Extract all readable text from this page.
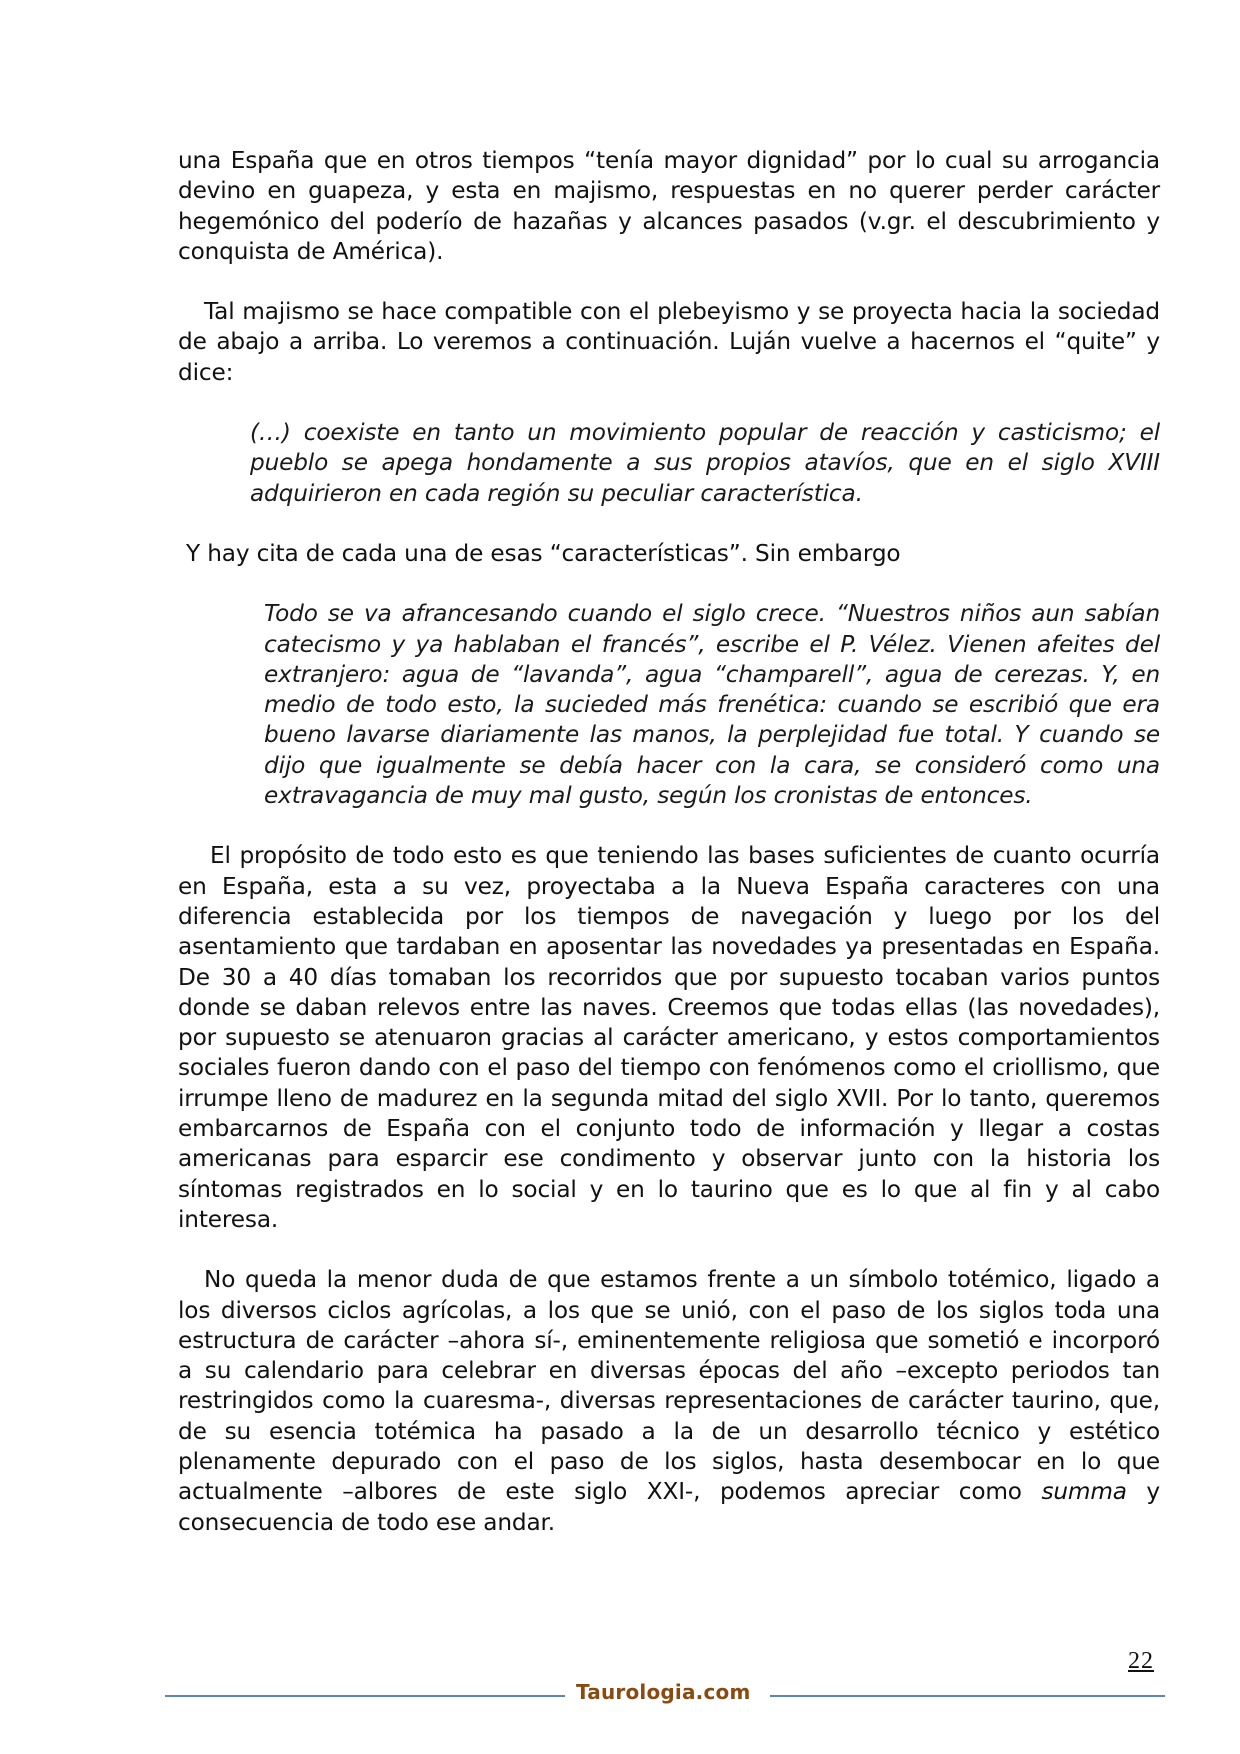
una España que en otros tiempos “tenía mayor dignidad” por lo cual su arrogancia devino en guapeza, y esta en majismo, respuestas en no querer perder carácter hegemónico del poderío de hazañas y alcances pasados (v.gr. el descubrimiento y conquista de América).

Tal majismo se hace compatible con el plebeyismo y se proyecta hacia la sociedad de abajo a arriba. Lo veremos a continuación. Luján vuelve a hacernos el “quite” y dice:

(…) coexiste en tanto un movimiento popular de reacción y casticismo; el pueblo se apega hondamente a sus propios atavíos, que en el siglo XVIII adquirieron en cada región su peculiar característica.

Y hay cita de cada una de esas “características”. Sin embargo

Todo se va afrancesando cuando el siglo crece. “Nuestros niños aun sabían catecismo y ya hablaban el francés”, escribe el P. Vélez. Vienen afeites del extranjero: agua de “lavanda”, agua “champarell”, agua de cerezas. Y, en medio de todo esto, la sucieded más frenética: cuando se escribió que era bueno lavarse diariamente las manos, la perplejidad fue total. Y cuando se dijo que igualmente se debía hacer con la cara, se consideró como una extravagancia de muy mal gusto, según los cronistas de entonces.

El propósito de todo esto es que teniendo las bases suficientes de cuanto ocurría en España, esta a su vez, proyectaba a la Nueva España caracteres con una diferencia establecida por los tiempos de navegación y luego por los del asentamiento que tardaban en aposentar las novedades ya presentadas en España. De 30 a 40 días tomaban los recorridos que por supuesto tocaban varios puntos donde se daban relevos entre las naves. Creemos que todas ellas (las novedades), por supuesto se atenuaron gracias al carácter americano, y estos comportamientos sociales fueron dando con el paso del tiempo con fenómenos como el criollismo, que irrumpe lleno de madurez en la segunda mitad del siglo XVII. Por lo tanto, queremos embarcarnos de España con el conjunto todo de información y llegar a costas americanas para esparcir ese condimento y observar junto con la historia los síntomas registrados en lo social y en lo taurino que es lo que al fin y al cabo interesa.

No queda la menor duda de que estamos frente a un símbolo totémico, ligado a los diversos ciclos agrícolas, a los que se unió, con el paso de los siglos toda una estructura de carácter –ahora sí-, eminentemente religiosa que sometió e incorporó a su calendario para celebrar en diversas épocas del año –excepto periodos tan restringidos como la cuaresma-, diversas representaciones de carácter taurino, que, de su esencia totémica ha pasado a la de un desarrollo técnico y estético plenamente depurado con el paso de los siglos, hasta desembocar en lo que actualmente –albores de este siglo XXI-, podemos apreciar como summa y consecuencia de todo ese andar.

22
Taurologia.com
